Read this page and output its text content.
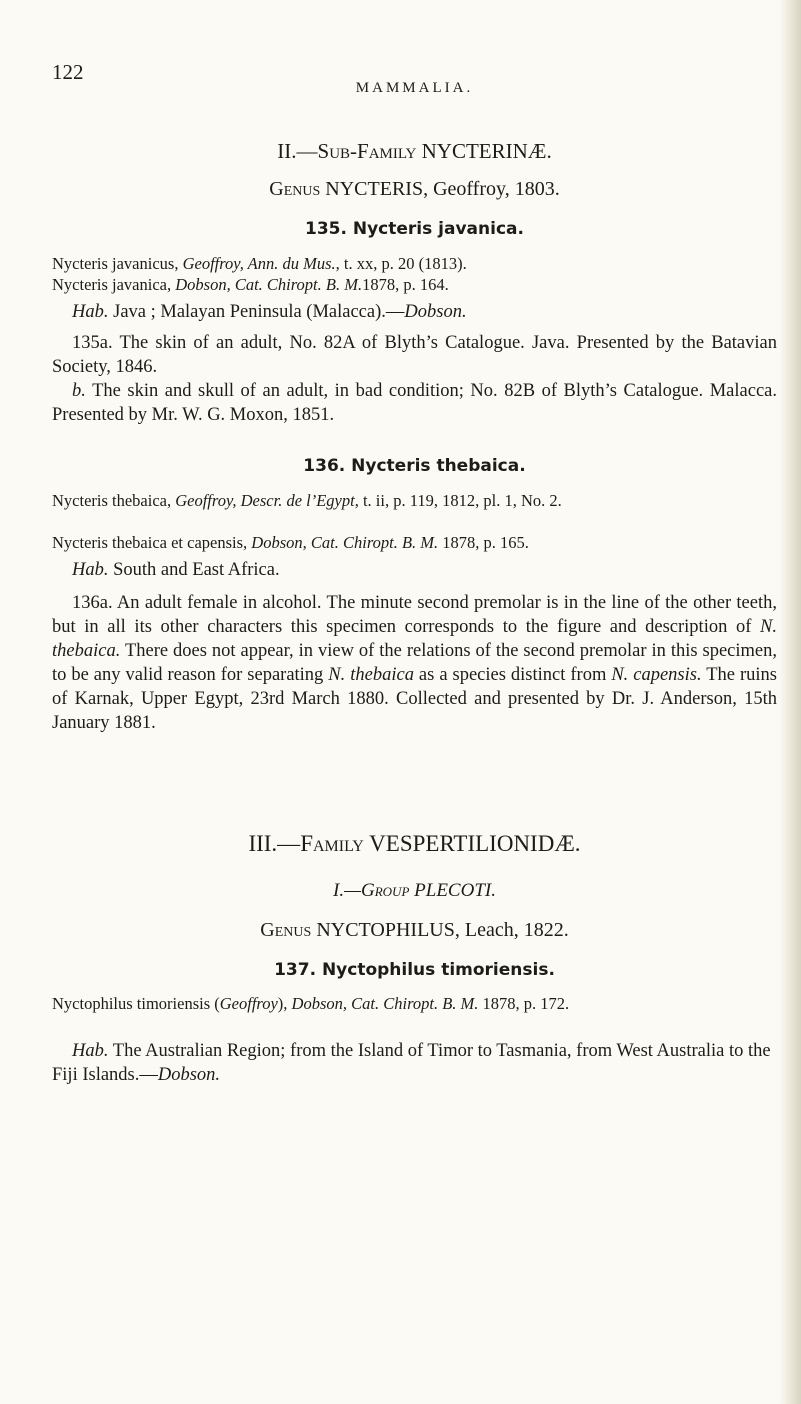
122
MAMMALIA.
II.—Sub-Family NYCTERINÆ.
Genus NYCTERIS, Geoffroy, 1803.
135. Nycteris javanica.

Nycteris javanicus, Geoffroy, Ann. du Mus., t. xx, p. 20 (1813).

Nycteris javanica, Dobson, Cat. Chiropt. B. M.1878, p. 164.

Hab. Java ; Malayan Peninsula (Malacca).—Dobson.

135a. The skin of an adult, No. 82A of Blyth’s Catalogue. Java. Presented by the Batavian Society, 1846.

b. The skin and skull of an adult, in bad condition; No. 82B of Blyth’s Catalogue. Malacca. Presented by Mr. W. G. Moxon, 1851.

136. Nycteris thebaica.

Nycteris thebaica, Geoffroy, Descr. de l’Egypt, t. ii, p. 119, 1812, pl. 1, No. 2.

Nycteris thebaica et capensis, Dobson, Cat. Chiropt. B. M. 1878, p. 165.

Hab. South and East Africa.

136a. An adult female in alcohol. The minute second premolar is in the line of the other teeth, but in all its other characters this specimen corresponds to the figure and description of N. thebaica. There does not appear, in view of the relations of the second premolar in this specimen, to be any valid reason for separating N. thebaica as a species distinct from N. capensis. The ruins of Karnak, Upper Egypt, 23rd March 1880. Collected and presented by Dr. J. Anderson, 15th January 1881.

III.—Family VESPERTILIONIDÆ.
I.—Group PLECOTI.
Genus NYCTOPHILUS, Leach, 1822.
137. Nyctophilus timoriensis.

Nyctophilus timoriensis (Geoffroy), Dobson, Cat. Chiropt. B. M. 1878, p. 172.

Hab. The Australian Region; from the Island of Timor to Tasmania, from West Australia to the Fiji Islands.—Dobson.
